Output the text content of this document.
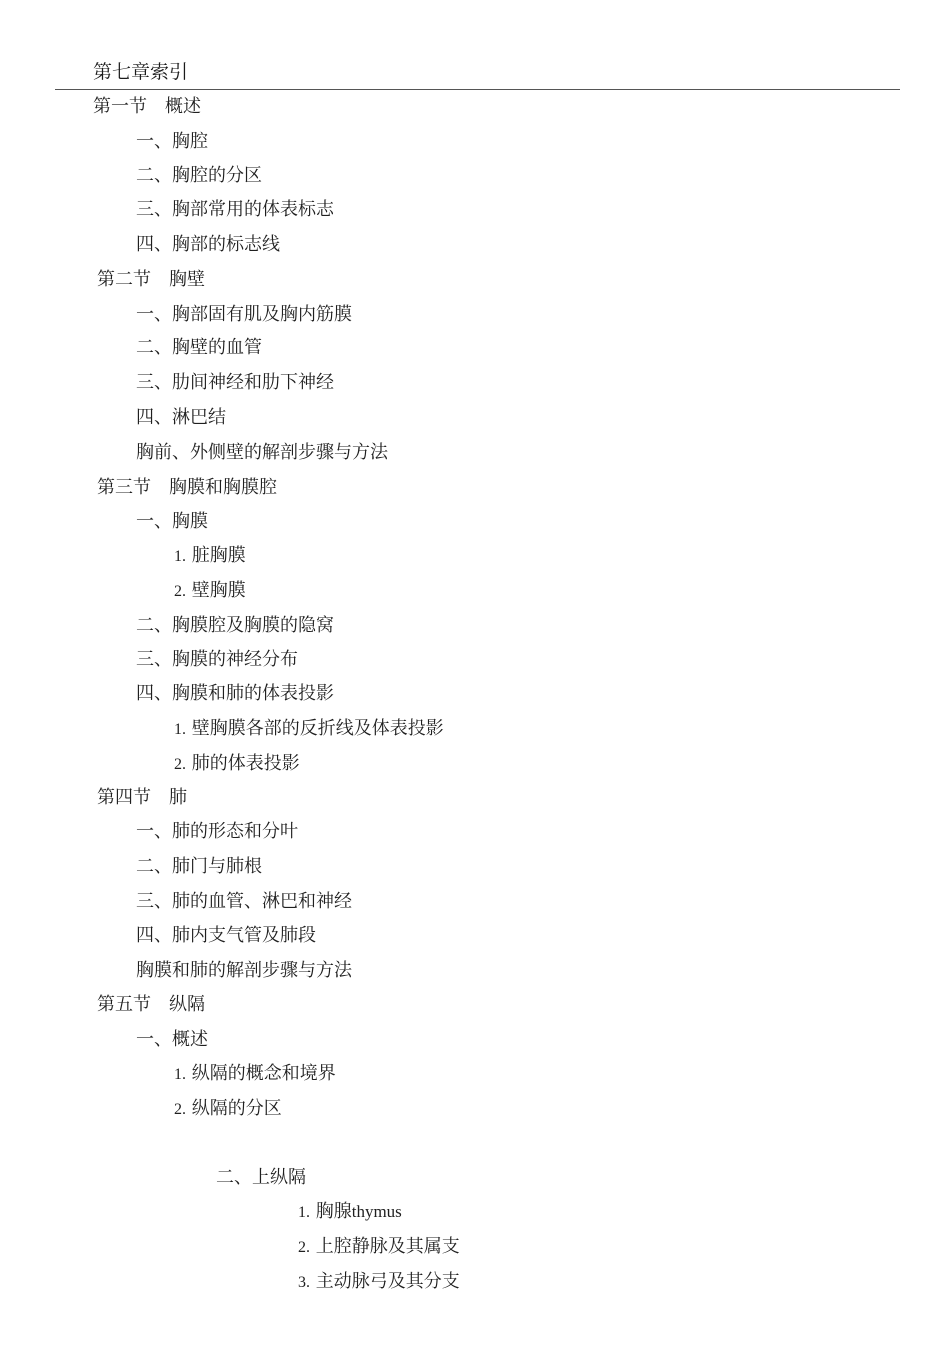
第七章索引
第一节　概述
一、胸腔
二、胸腔的分区
三、胸部常用的体表标志
四、胸部的标志线
第二节　胸壁
一、胸部固有肌及胸内筋膜
二、胸壁的血管
三、肋间神经和肋下神经
四、淋巴结
胸前、外侧壁的解剖步骤与方法
第三节　胸膜和胸膜腔
一、胸膜
1. 脏胸膜
2. 壁胸膜
二、胸膜腔及胸膜的隐窝
三、胸膜的神经分布
四、胸膜和肺的体表投影
1. 壁胸膜各部的反折线及体表投影
2. 肺的体表投影
第四节　肺
一、肺的形态和分叶
二、肺门与肺根
三、肺的血管、淋巴和神经
四、肺内支气管及肺段
胸膜和肺的解剖步骤与方法
第五节　纵隔
一、概述
1. 纵隔的概念和境界
2. 纵隔的分区
二、上纵隔
1. 胸腺thymus
2. 上腔静脉及其属支
3. 主动脉弓及其分支
